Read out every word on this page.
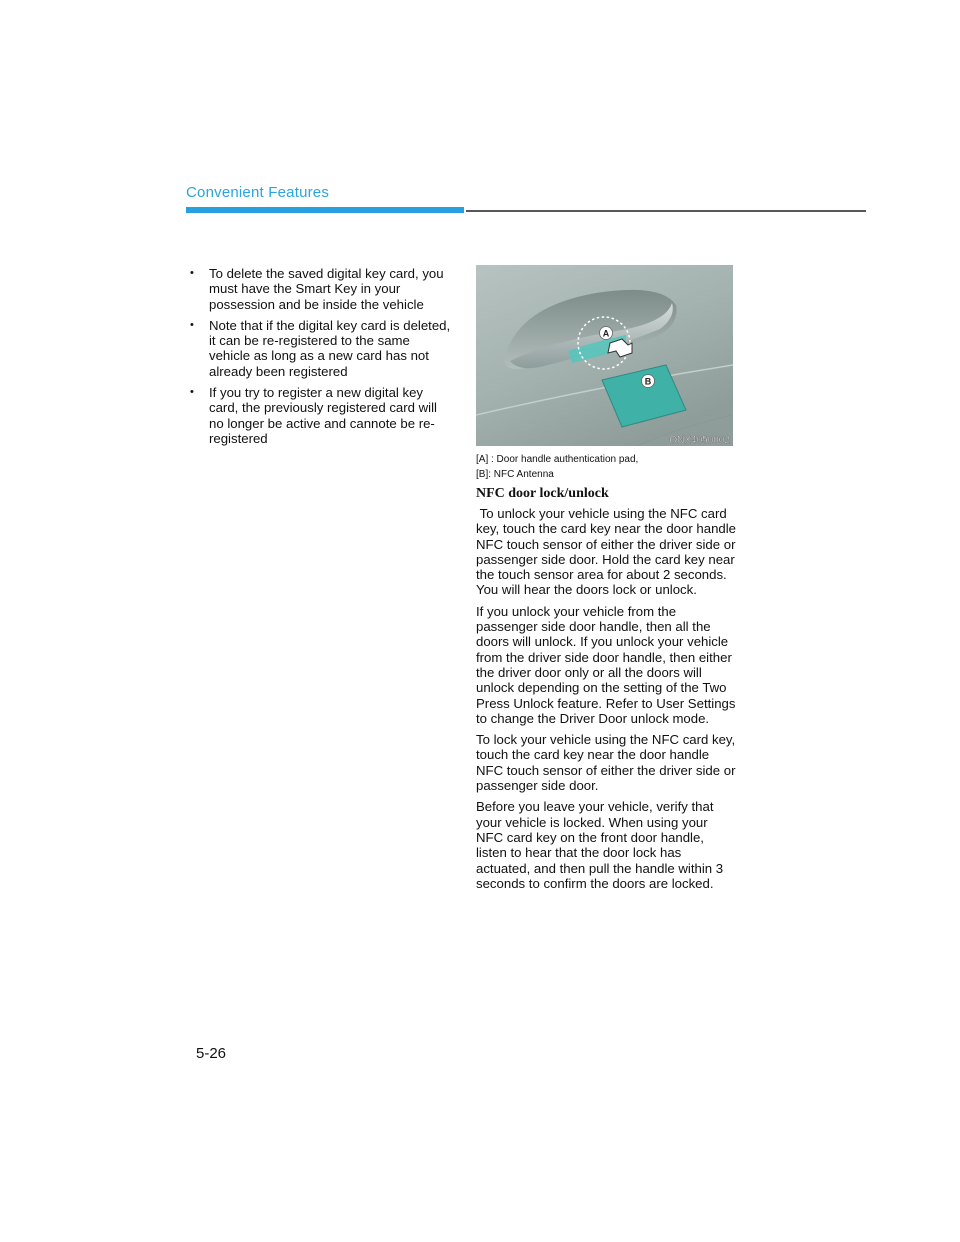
Convenient Features
• To delete the saved digital key card, you must have the Smart Key in your possession and be inside the vehicle
• Note that if the digital key card is deleted, it can be re-registered to the same vehicle as long as a new card has not already been registered
• If you try to register a new digital key card, the previously registered card will no longer be active and cannote be re-registered
A
B
ONX4050002
[A] : Door handle authentication pad,
[B]: NFC Antenna
NFC door lock/unlock

To unlock your vehicle using the NFC card key, touch the card key near the door handle NFC touch sensor of either the driver side or passenger side door. Hold the card key near the touch sensor area for about 2 seconds.  You will hear the doors lock or unlock.

If you unlock your vehicle from the passenger side door handle, then all the doors will unlock. If you unlock your vehicle from the driver side door handle, then either the driver door only or all the doors will unlock depending on the setting of the Two Press Unlock feature. Refer to User Settings to change the Driver Door unlock mode.

To lock your vehicle using the NFC card key, touch the card key near the door handle NFC touch sensor of either the driver side or passenger side door.

Before you leave your vehicle, verify that your vehicle is locked. When using your NFC card key on the front door handle, listen to hear that the door lock has actuated, and then pull the handle within 3 seconds to confirm the doors are locked.

5-26
